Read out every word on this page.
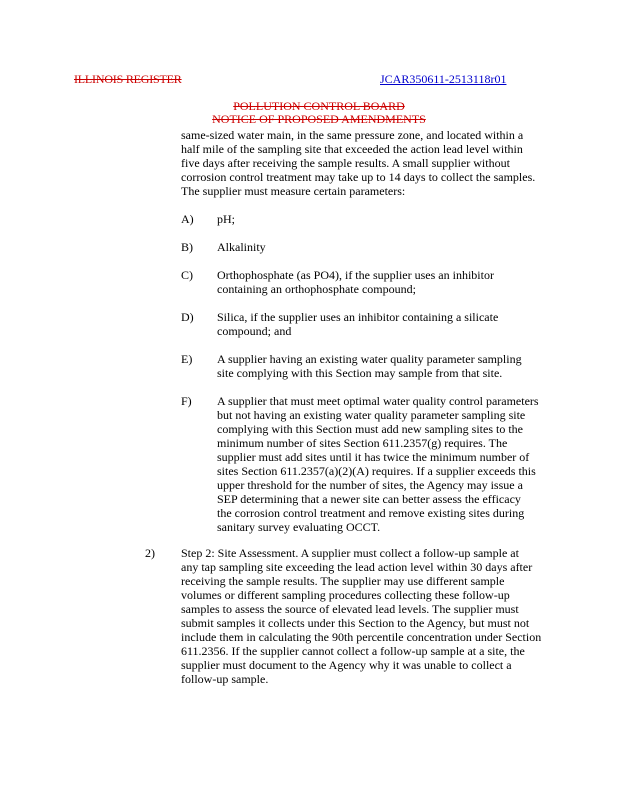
ILLINOIS REGISTER	JCAR350611-2513118r01
POLLUTION CONTROL BOARD
NOTICE OF PROPOSED AMENDMENTS

same-sized water main, in the same pressure zone, and located within a

half mile of the sampling site that exceeded the action lead level within

five days after receiving the sample results. A small supplier without

corrosion control treatment may take up to 14 days to collect the samples.

The supplier must measure certain parameters:

A) pH;

B) Alkalinity

C) Orthophosphate (as PO4), if the supplier uses an inhibitor

containing an orthophosphate compound;

D) Silica, if the supplier uses an inhibitor containing a silicate

compound; and

E) A supplier having an existing water quality parameter sampling

site complying with this Section may sample from that site.

F) A supplier that must meet optimal water quality control parameters

but not having an existing water quality parameter sampling site

complying with this Section must add new sampling sites to the

minimum number of sites Section 611.2357(g) requires. The

supplier must add sites until it has twice the minimum number of

sites Section 611.2357(a)(2)(A) requires. If a supplier exceeds this

upper threshold for the number of sites, the Agency may issue a

SEP determining that a newer site can better assess the efficacy

the corrosion control treatment and remove existing sites during

sanitary survey evaluating OCCT.

2) Step 2: Site Assessment. A supplier must collect a follow-up sample at

any tap sampling site exceeding the lead action level within 30 days after

receiving the sample results. The supplier may use different sample

volumes or different sampling procedures collecting these follow-up

samples to assess the source of elevated lead levels. The supplier must

submit samples it collects under this Section to the Agency, but must not

include them in calculating the 90th percentile concentration under Section

611.2356. If the supplier cannot collect a follow-up sample at a site, the

supplier must document to the Agency why it was unable to collect a

follow-up sample.
